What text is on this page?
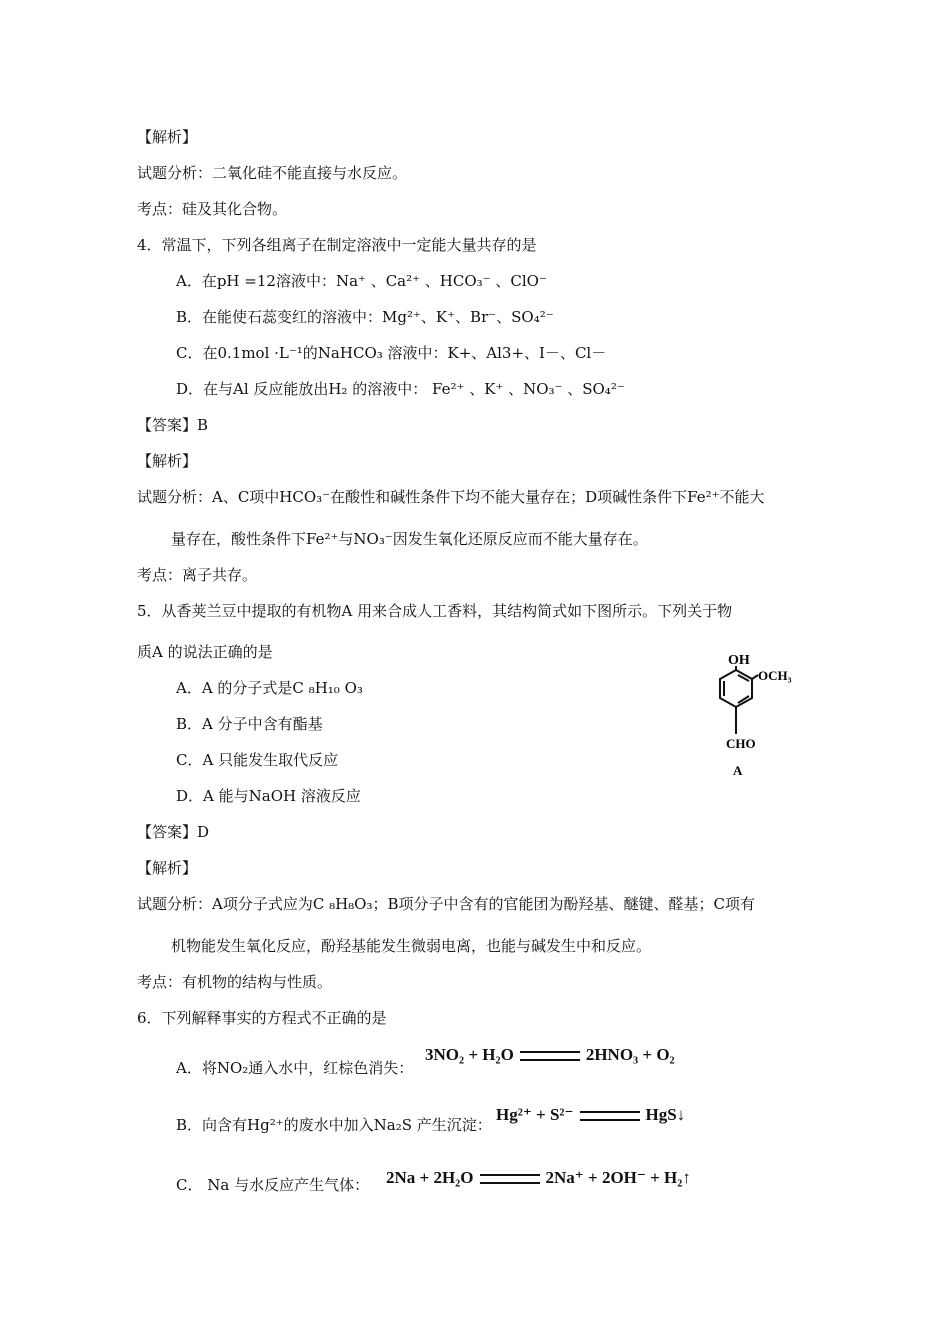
【解析】
试题分析：二氧化硅不能直接与水反应。
考点：硅及其化合物。
4．常温下，下列各组离子在制定溶液中一定能大量共存的是
A．在pH =12溶液中：Na⁺ 、Ca²⁺ 、HCO₃⁻ 、ClO⁻
B．在能使石蕊变红的溶液中：Mg²⁺、K⁺、Br⁻、SO₄²⁻
C．在0.1mol ·L⁻¹的NaHCO₃ 溶液中：K+、Al3+、I－、Cl－
D．在与Al 反应能放出H₂ 的溶液中： Fe²⁺ 、K⁺ 、NO₃⁻ 、SO₄²⁻
【答案】B
【解析】
试题分析：A、C项中HCO₃⁻在酸性和碱性条件下均不能大量存在；D项碱性条件下Fe²⁺不能大
量存在，酸性条件下Fe²⁺与NO₃⁻因发生氧化还原反应而不能大量存在。
考点：离子共存。
5．从香荚兰豆中提取的有机物A 用来合成人工香料，其结构简式如下图所示。下列关于物
质A 的说法正确的是
A．A 的分子式是C ₈H₁₀ O₃
B．A 分子中含有酯基
C．A 只能发生取代反应
D．A 能与NaOH 溶液反应
【答案】D
【解析】
试题分析：A项分子式应为C ₈H₈O₃；B项分子中含有的官能团为酚羟基、醚键、醛基；C项有
机物能发生氧化反应，酚羟基能发生微弱电离，也能与碱发生中和反应。
考点：有机物的结构与性质。
6．下列解释事实的方程式不正确的是
A．将NO₂通入水中，红棕色消失：
B．向含有Hg²⁺的废水中加入Na₂S 产生沉淀：
C． Na 与水反应产生气体：
3NO₂ + H₂O	2HNO₃ + O₂
Hg²⁺ + S²⁻	HgS↓
2Na + 2H₂O	2Na⁺ + 2OH⁻ + H₂↑
OH
OCH₃
CHO
A
